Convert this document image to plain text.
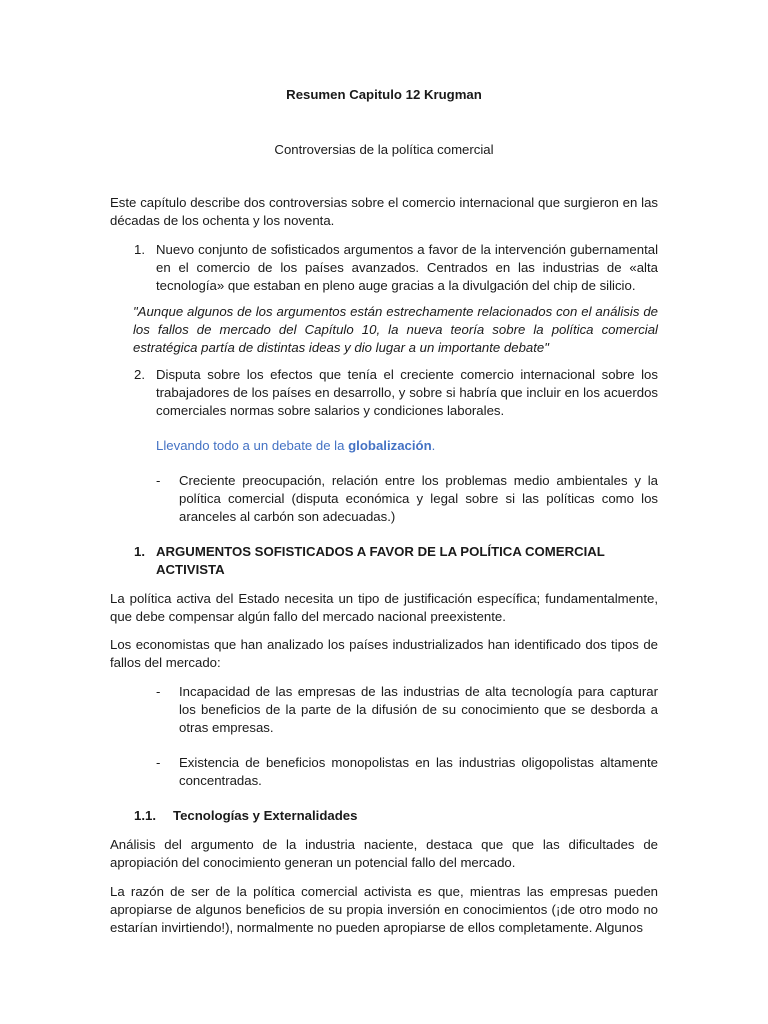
Resumen Capitulo 12 Krugman

Controversias de la política comercial

Este capítulo describe dos controversias sobre el comercio internacional que surgieron en las décadas de los ochenta y los noventa.

1. Nuevo conjunto de sofisticados argumentos a favor de la intervención gubernamental en el comercio de los países avanzados. Centrados en las industrias de «alta tecnología» que estaban en pleno auge gracias a la divulgación del chip de silicio.

"Aunque algunos de los argumentos están estrechamente relacionados con el análisis de los fallos de mercado del Capítulo 10, la nueva teoría sobre la política comercial estratégica partía de distintas ideas y dio lugar a un importante debate"

2. Disputa sobre los efectos que tenía el creciente comercio internacional sobre los trabajadores de los países en desarrollo, y sobre si habría que incluir en los acuerdos comerciales normas sobre salarios y condiciones laborales.
Llevando todo a un debate de la globalización.
- Creciente preocupación, relación entre los problemas medio ambientales y la política comercial (disputa económica y legal sobre si las políticas como los aranceles al carbón son adecuadas.)
1. ARGUMENTOS SOFISTICADOS A FAVOR DE LA POLÍTICA COMERCIAL ACTIVISTA

La política activa del Estado necesita un tipo de justificación específica; fundamentalmente, que debe compensar algún fallo del mercado nacional preexistente.

Los economistas que han analizado los países industrializados han identificado dos tipos de fallos del mercado:

- Incapacidad de las empresas de las industrias de alta tecnología para capturar los beneficios de la parte de la difusión de su conocimiento que se desborda a otras empresas.
- Existencia de beneficios monopolistas en las industrias oligopolistas altamente concentradas.
1.1. Tecnologías y Externalidades

Análisis del argumento de la industria naciente, destaca que que las dificultades de apropiación del conocimiento generan un potencial fallo del mercado.

La razón de ser de la política comercial activista es que, mientras las empresas pueden apropiarse de algunos beneficios de su propia inversión en conocimientos (¡de otro modo no estarían invirtiendo!), normalmente no pueden apropiarse de ellos completamente. Algunos
